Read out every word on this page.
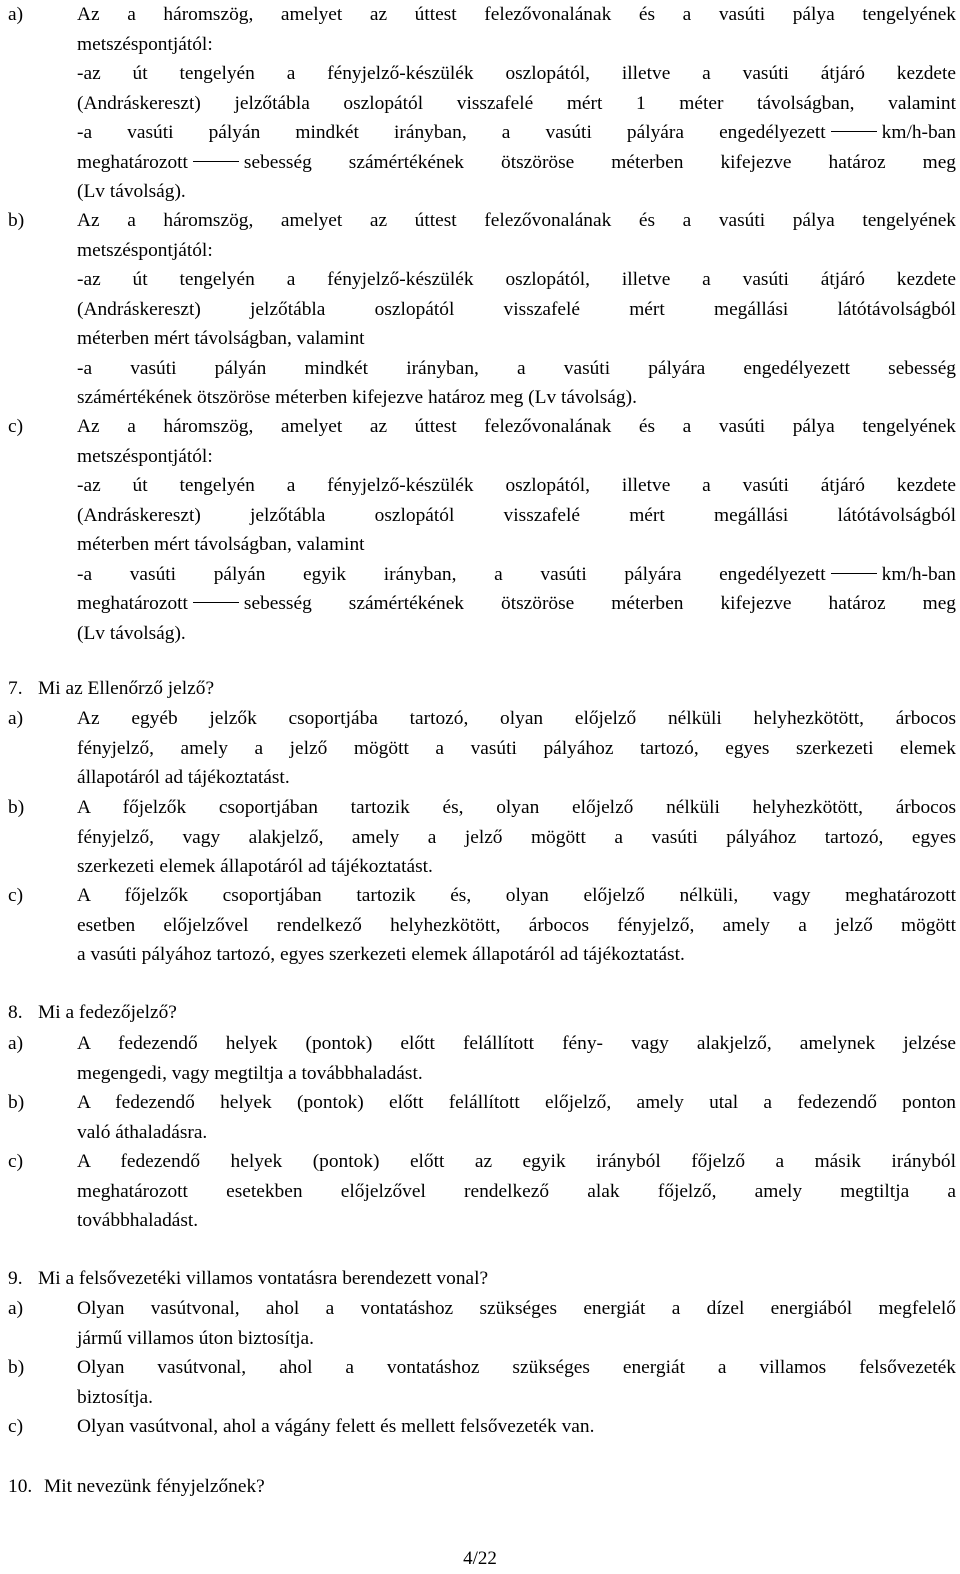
a)	Az a háromszög, amelyet az úttest felezővonalának és a vasúti pálya tengelyének

metszéspontjától:

-az út tengelyén a fényjelző-készülék oszlopától, illetve a vasúti átjáró kezdete

(Andráskereszt) jelzőtábla oszlopától visszafelé mért 1 méter távolságban, valamint

-a vasúti pályán mindkét irányban, a vasúti pályára engedélyezett	km/h-ban

meghatározott	sebesség számértékének ötszöröse méterben kifejezve határoz meg

(Lv távolság).

b)	Az a háromszög, amelyet az úttest felezővonalának és a vasúti pálya tengelyének

metszéspontjától:

-az út tengelyén a fényjelző-készülék oszlopától, illetve a vasúti átjáró kezdete

(Andráskereszt) jelzőtábla oszlopától visszafelé mért megállási látótávolságból

méterben mért távolságban, valamint

-a vasúti pályán mindkét irányban, a vasúti pályára engedélyezett sebesség

számértékének ötszöröse méterben kifejezve határoz meg (Lv távolság).

c)	Az a háromszög, amelyet az úttest felezővonalának és a vasúti pálya tengelyének

metszéspontjától:

-az út tengelyén a fényjelző-készülék oszlopától, illetve a vasúti átjáró kezdete

(Andráskereszt) jelzőtábla oszlopától visszafelé mért megállási látótávolságból

méterben mért távolságban, valamint

-a vasúti pályán egyik irányban, a vasúti pályára engedélyezett	km/h-ban

meghatározott	sebesség számértékének ötszöröse méterben kifejezve határoz meg

(Lv távolság).

7. Mi az Ellenőrző jelző?
a)	Az egyéb jelzők csoportjába tartozó, olyan előjelző nélküli helyhezkötött, árbocos

fényjelző, amely a jelző mögött a vasúti pályához tartozó, egyes szerkezeti elemek

állapotáról ad tájékoztatást.

b)	A főjelzők csoportjában tartozik és, olyan előjelző nélküli helyhezkötött, árbocos

fényjelző, vagy alakjelző, amely a jelző mögött a vasúti pályához tartozó, egyes

szerkezeti elemek állapotáról ad tájékoztatást.

c)	A főjelzők csoportjában tartozik és, olyan előjelző nélküli, vagy meghatározott

esetben előjelzővel rendelkező helyhezkötött, árbocos fényjelző, amely a jelző mögött

a vasúti pályához tartozó, egyes szerkezeti elemek állapotáról ad tájékoztatást.

8. Mi a fedezőjelző?
a)	A fedezendő helyek (pontok) előtt felállított fény- vagy alakjelző, amelynek jelzése

megengedi, vagy megtiltja a továbbhaladást.

b)	A fedezendő helyek (pontok) előtt felállított előjelző, amely utal a fedezendő ponton

való áthaladásra.

c)	A fedezendő helyek (pontok) előtt az egyik irányból főjelző a másik irányból

meghatározott esetekben előjelzővel rendelkező alak főjelző, amely megtiltja a

továbbhaladást.

9. Mi a felsővezetéki villamos vontatásra berendezett vonal?
a)	Olyan vasútvonal, ahol a vontatáshoz szükséges energiát a dízel energiából megfelelő

jármű villamos úton biztosítja.

b)	Olyan vasútvonal, ahol a vontatáshoz szükséges energiát a villamos felsővezeték

biztosítja.

c)	Olyan vasútvonal, ahol a vágány felett és mellett felsővezeték van.

10. Mit nevezünk fényjelzőnek?
4/22
